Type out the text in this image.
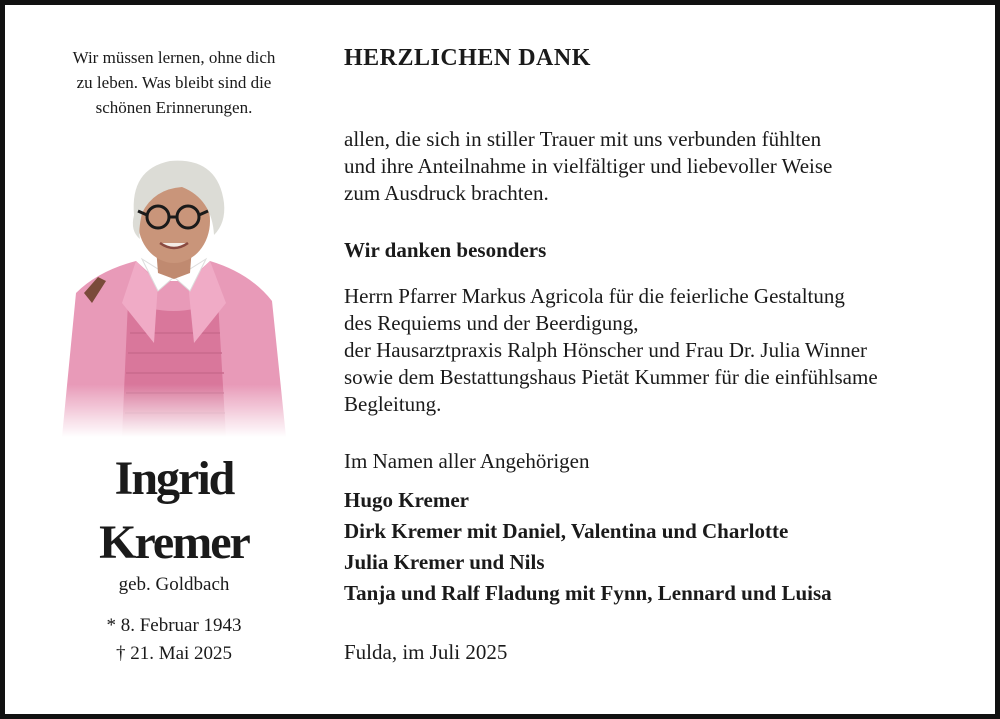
Wir müssen lernen, ohne dich
zu leben. Was bleibt sind die
schönen Erinnerungen.
Ingrid
Kremer
geb. Goldbach
* 8. Februar 1943
† 21. Mai 2025
HERZLICHEN DANK
allen, die sich in stiller Trauer mit uns verbunden fühlten
und ihre Anteilnahme in vielfältiger und liebevoller Weise
zum Ausdruck brachten.
Wir danken besonders
Herrn Pfarrer Markus Agricola für die feierliche Gestaltung
des Requiems und der Beerdigung,
der Hausarztpraxis Ralph Hönscher und Frau Dr. Julia Winner
sowie dem Bestattungshaus Pietät Kummer für die einfühlsame
Begleitung.
Im Namen aller Angehörigen
Hugo Kremer
Dirk Kremer mit Daniel, Valentina und Charlotte
Julia Kremer und Nils
Tanja und Ralf Fladung mit Fynn, Lennard und Luisa
Fulda, im Juli 2025
